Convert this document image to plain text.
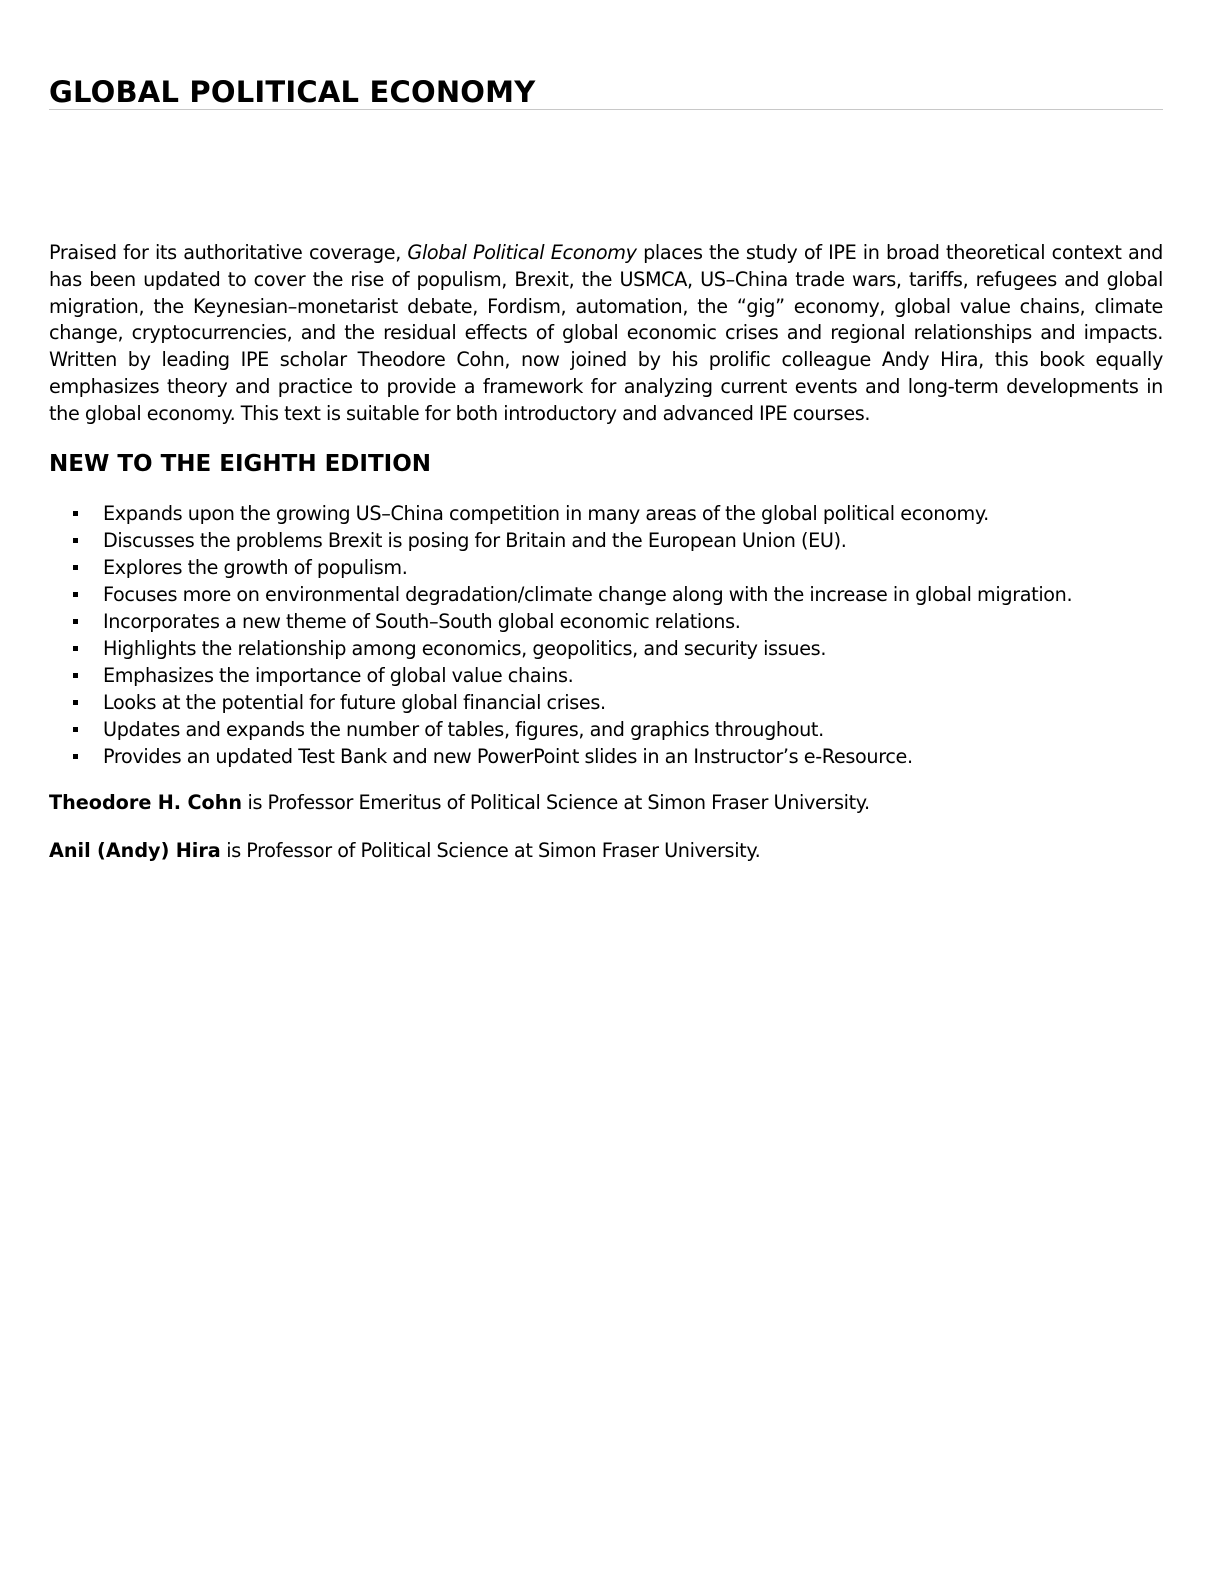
GLOBAL POLITICAL ECONOMY

Praised for its authoritative coverage, Global Political Economy places the study of IPE in broad theoretical context and has been updated to cover the rise of populism, Brexit, the USMCA, US–China trade wars, tariffs, refugees and global migration, the Keynesian–monetarist debate, Fordism, automation, the “gig” economy, global value chains, climate change, cryptocurrencies, and the residual effects of global economic crises and regional relationships and impacts. Written by leading IPE scholar Theodore Cohn, now joined by his prolific colleague Andy Hira, this book equally emphasizes theory and practice to provide a framework for analyzing current events and long-term developments in the global economy. This text is suitable for both introductory and advanced IPE courses.

NEW TO THE EIGHTH EDITION
Expands upon the growing US–China competition in many areas of the global political economy.
Discusses the problems Brexit is posing for Britain and the European Union (EU).
Explores the growth of populism.
Focuses more on environmental degradation/climate change along with the increase in global migration.
Incorporates a new theme of South–South global economic relations.
Highlights the relationship among economics, geopolitics, and security issues.
Emphasizes the importance of global value chains.
Looks at the potential for future global financial crises.
Updates and expands the number of tables, figures, and graphics throughout.
Provides an updated Test Bank and new PowerPoint slides in an Instructor’s e-Resource.

Theodore H. Cohn is Professor Emeritus of Political Science at Simon Fraser University.

Anil (Andy) Hira is Professor of Political Science at Simon Fraser University.
